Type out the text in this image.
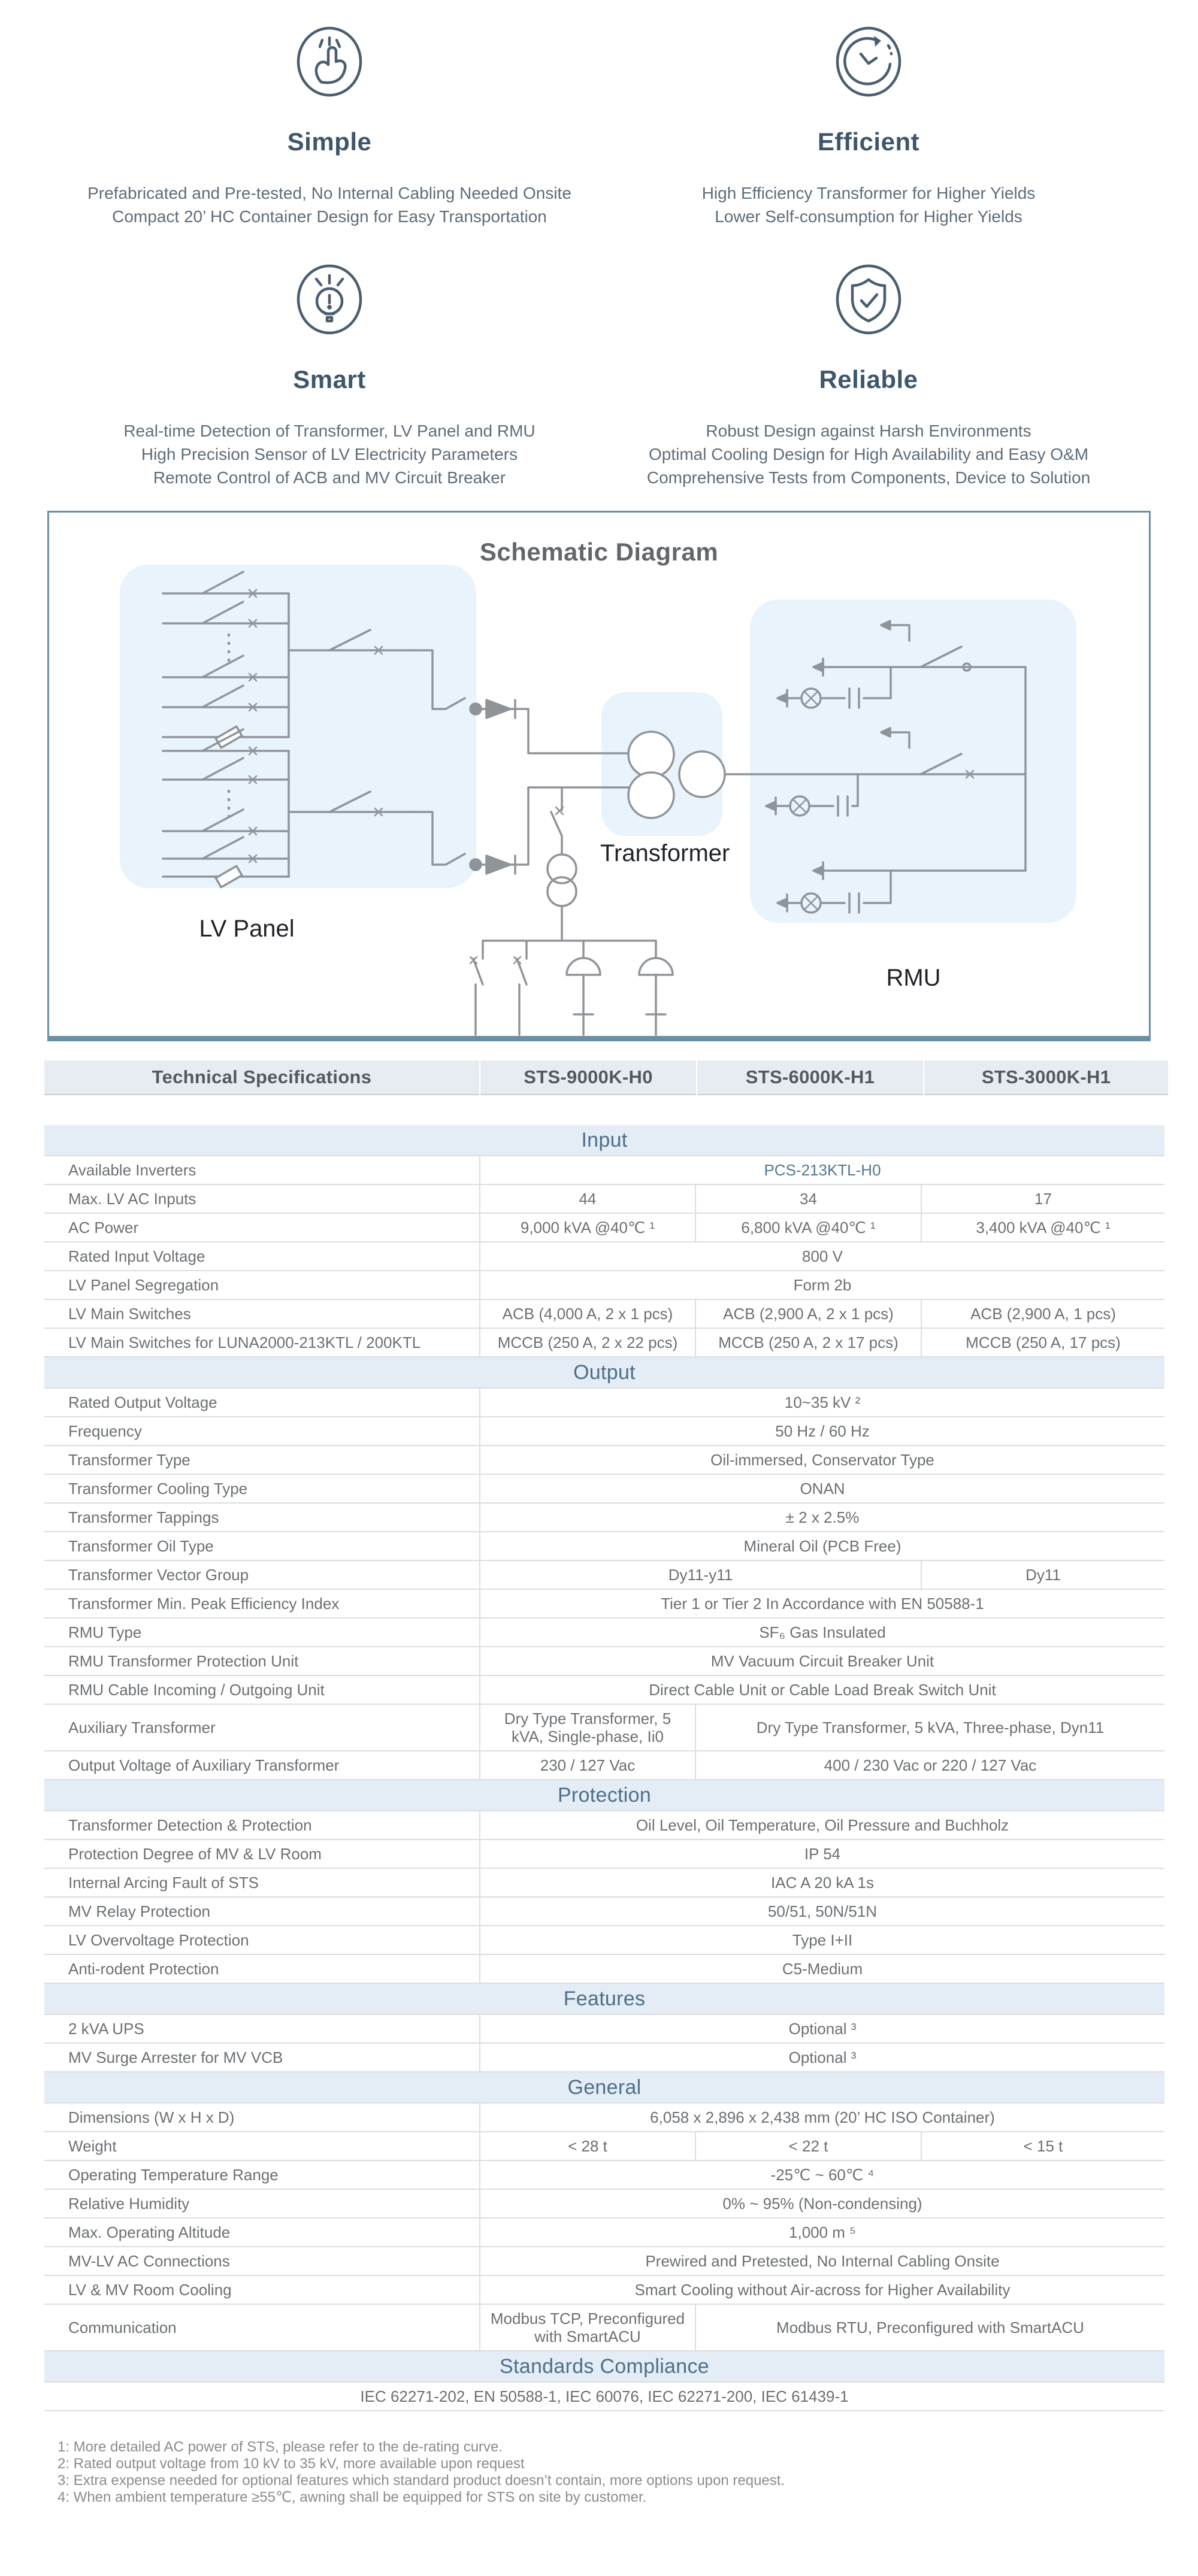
Simple

Prefabricated and Pre-tested, No Internal Cabling Needed Onsite

Compact 20’ HC Container Design for Easy Transportation

Efficient

High Efficiency Transformer for Higher Yields

Lower Self-consumption for Higher Yields

Smart

Real-time Detection of Transformer, LV Panel and RMU

High Precision Sensor of LV Electricity Parameters

Remote Control of ACB and MV Circuit Breaker

Reliable

Robust Design against Harsh Environments

Optimal Cooling Design for High Availability and Easy O&M

Comprehensive Tests from Components, Device to Solution

Schematic Diagram
LV Panel
Transformer
RMU
Technical Specifications	STS-9000K-H0	STS-6000K-H1	STS-3000K-H1
Input
Available Inverters	PCS-213KTL-H0
Max. LV AC Inputs	44	34	17
AC Power	9,000 kVA @40℃ ¹	6,800 kVA @40℃ ¹	3,400 kVA @40℃ ¹
Rated Input Voltage	800 V
LV Panel Segregation	Form 2b
LV Main Switches	ACB (4,000 A, 2 x 1 pcs)	ACB (2,900 A, 2 x 1 pcs)	ACB (2,900 A, 1 pcs)
LV Main Switches for LUNA2000-213KTL / 200KTL	MCCB (250 A, 2 x 22 pcs)	MCCB (250 A, 2 x 17 pcs)	MCCB (250 A, 17 pcs)
Output
Rated Output Voltage	10~35 kV ²
Frequency	50 Hz / 60 Hz
Transformer Type	Oil-immersed, Conservator Type
Transformer Cooling Type	ONAN
Transformer Tappings	± 2 x 2.5%
Transformer Oil Type	Mineral Oil (PCB Free)
Transformer Vector Group	Dy11-y11	Dy11
Transformer Min. Peak Efficiency Index	Tier 1 or Tier 2 In Accordance with EN 50588-1
RMU Type	SF₆ Gas Insulated
RMU Transformer Protection Unit	MV Vacuum Circuit Breaker Unit
RMU Cable Incoming / Outgoing Unit	Direct Cable Unit or Cable Load Break Switch Unit
Auxiliary Transformer	Dry Type Transformer, 5 kVA, Single-phase, Ii0	Dry Type Transformer, 5 kVA, Three-phase, Dyn11
Output Voltage of Auxiliary Transformer	230 / 127 Vac	400 / 230 Vac or 220 / 127 Vac
Protection
Transformer Detection & Protection	Oil Level, Oil Temperature, Oil Pressure and Buchholz
Protection Degree of MV & LV Room	IP 54
Internal Arcing Fault of STS	IAC A 20 kA 1s
MV Relay Protection	50/51, 50N/51N
LV Overvoltage Protection	Type I+II
Anti-rodent Protection	C5-Medium
Features
2 kVA UPS	Optional ³
MV Surge Arrester for MV VCB	Optional ³
General
Dimensions (W x H x D)	6,058 x 2,896 x 2,438 mm (20’ HC ISO Container)
Weight	< 28 t	< 22 t	< 15 t
Operating Temperature Range	-25℃ ~ 60℃ ⁴
Relative Humidity	0% ~ 95% (Non-condensing)
Max. Operating Altitude	1,000 m ⁵
MV-LV AC Connections	Prewired and Pretested, No Internal Cabling Onsite
LV & MV Room Cooling	Smart Cooling without Air-across for Higher Availability
Communication	Modbus TCP, Preconfigured with SmartACU	Modbus RTU, Preconfigured with SmartACU
Standards Compliance
IEC 62271-202, EN 50588-1, IEC 60076, IEC 62271-200, IEC 61439-1

1: More detailed AC power of STS, please refer to the de-rating curve.

2: Rated output voltage from 10 kV to 35 kV, more available upon request

3: Extra expense needed for optional features which standard product doesn’t contain, more options upon request.

4: When ambient temperature ≥55℃, awning shall be equipped for STS on site by customer.
